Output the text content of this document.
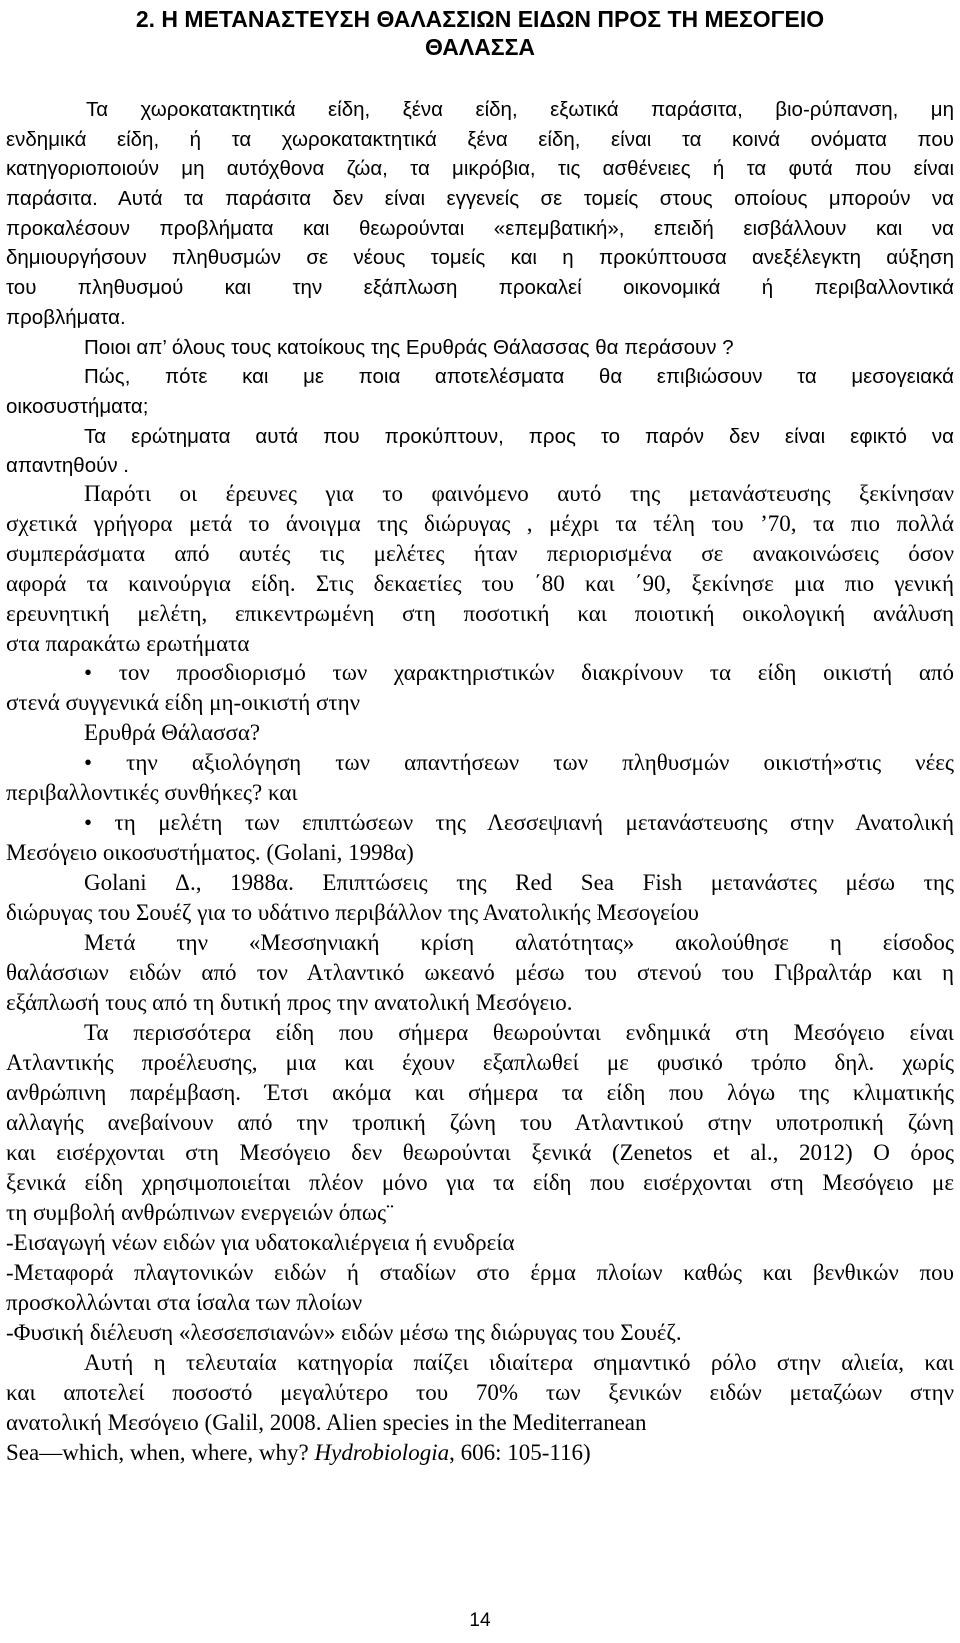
2. Η ΜΕΤΑΝΑΣΤΕΥΣΗ ΘΑΛΑΣΣΙΩΝ ΕΙΔΩΝ ΠΡΟΣ ΤΗ ΜΕΣΟΓΕΙΟ
ΘΑΛΑΣΣΑ
Τα χωροκατακτητικά είδη, ξένα είδη, εξωτικά παράσιτα, βιο-ρύπανση, μη
ενδημικά είδη, ή τα χωροκατακτητικά ξένα είδη, είναι τα κοινά ονόματα που
κατηγοριοποιούν μη αυτόχθονα ζώα, τα μικρόβια, τις ασθένειες ή τα φυτά που είναι
παράσιτα. Αυτά τα παράσιτα δεν είναι εγγενείς σε τομείς στους οποίους μπορούν να
προκαλέσουν προβλήματα και θεωρούνται «επεμβατική», επειδή εισβάλλουν και να
δημιουργήσουν πληθυσμών σε νέους τομείς και η προκύπτουσα ανεξέλεγκτη αύξηση
του πληθυσμού και την εξάπλωση προκαλεί οικονομικά ή περιβαλλοντικά
προβλήματα.
Ποιοι απ’ όλους τους κατοίκους της Ερυθράς Θάλασσας θα περάσουν ?
Πώς, πότε και με ποια αποτελέσματα θα επιβιώσουν τα μεσογειακά
οικοσυστήματα;
Τα ερώτηματα αυτά που προκύπτουν, προς το παρόν δεν είναι εφικτό να
απαντηθούν .
Παρότι οι έρευνες για το φαινόμενο αυτό της μετανάστευσης ξεκίνησαν
σχετικά γρήγορα μετά το άνοιγμα της διώρυγας , μέχρι τα τέλη του ’70, τα πιο πολλά
συμπεράσματα από αυτές τις μελέτες ήταν περιορισμένα σε ανακοινώσεις όσον
αφορά τα καινούργια είδη. Στις δεκαετίες του ΄80 και ΄90, ξεκίνησε μια πιο γενική
ερευνητική μελέτη, επικεντρωμένη στη ποσοτική και ποιοτική οικολογική ανάλυση
στα παρακάτω ερωτήματα
• τον προσδιορισμό των χαρακτηριστικών διακρίνουν τα είδη οικιστή από
στενά συγγενικά είδη μη-οικιστή στην
Ερυθρά Θάλασσα?
• την αξιολόγηση των απαντήσεων των πληθυσμών οικιστή»στις νέες
περιβαλλοντικές συνθήκες? και
• τη μελέτη των επιπτώσεων της Λεσσεψιανή μετανάστευσης στην Ανατολική
Μεσόγειο οικοσυστήματος. (Golani, 1998α)
Golani Δ., 1988α. Επιπτώσεις της Red Sea Fish μετανάστες μέσω της
διώρυγας του Σουέζ για το υδάτινο περιβάλλον της Ανατολικής Μεσογείου
Μετά την «Μεσσηνιακή κρίση αλατότητας» ακολούθησε η είσοδος
θαλάσσιων ειδών από τον Ατλαντικό ωκεανό μέσω του στενού του Γιβραλτάρ και η
εξάπλωσή τους από τη δυτική προς την ανατολική Μεσόγειο.
Τα περισσότερα είδη που σήμερα θεωρούνται ενδημικά στη Μεσόγειο είναι
Ατλαντικής προέλευσης, μια και έχουν εξαπλωθεί με φυσικό τρόπο δηλ. χωρίς
ανθρώπινη παρέμβαση. Έτσι ακόμα και σήμερα τα είδη που λόγω της κλιματικής
αλλαγής ανεβαίνουν από την τροπική ζώνη του Ατλαντικού στην υποτροπική ζώνη
και εισέρχονται στη Μεσόγειο δεν θεωρούνται ξενικά (Zenetos et al., 2012) Ο όρος
ξενικά είδη χρησιμοποιείται πλέον μόνο για τα είδη που εισέρχονται στη Μεσόγειο με
τη συμβολή ανθρώπινων ενεργειών όπως¨
-Εισαγωγή νέων ειδών για υδατοκαλιέργεια ή ενυδρεία
-Μεταφορά πλαγτονικών ειδών ή σταδίων στο έρμα πλοίων καθώς και βενθικών που
προσκολλώνται στα ίσαλα των πλοίων
-Φυσική διέλευση «λεσσεπσιανών» ειδών μέσω της διώρυγας του Σουέζ.
Αυτή η τελευταία κατηγορία παίζει ιδιαίτερα σημαντικό ρόλο στην αλιεία, και
και αποτελεί ποσοστό μεγαλύτερο του 70% των ξενικών ειδών μεταζώων στην
ανατολική Μεσόγειο (Galil, 2008. Alien species in the Mediterranean
Sea—which, when, where, why? Hydrobiologia, 606: 105-116)
14
